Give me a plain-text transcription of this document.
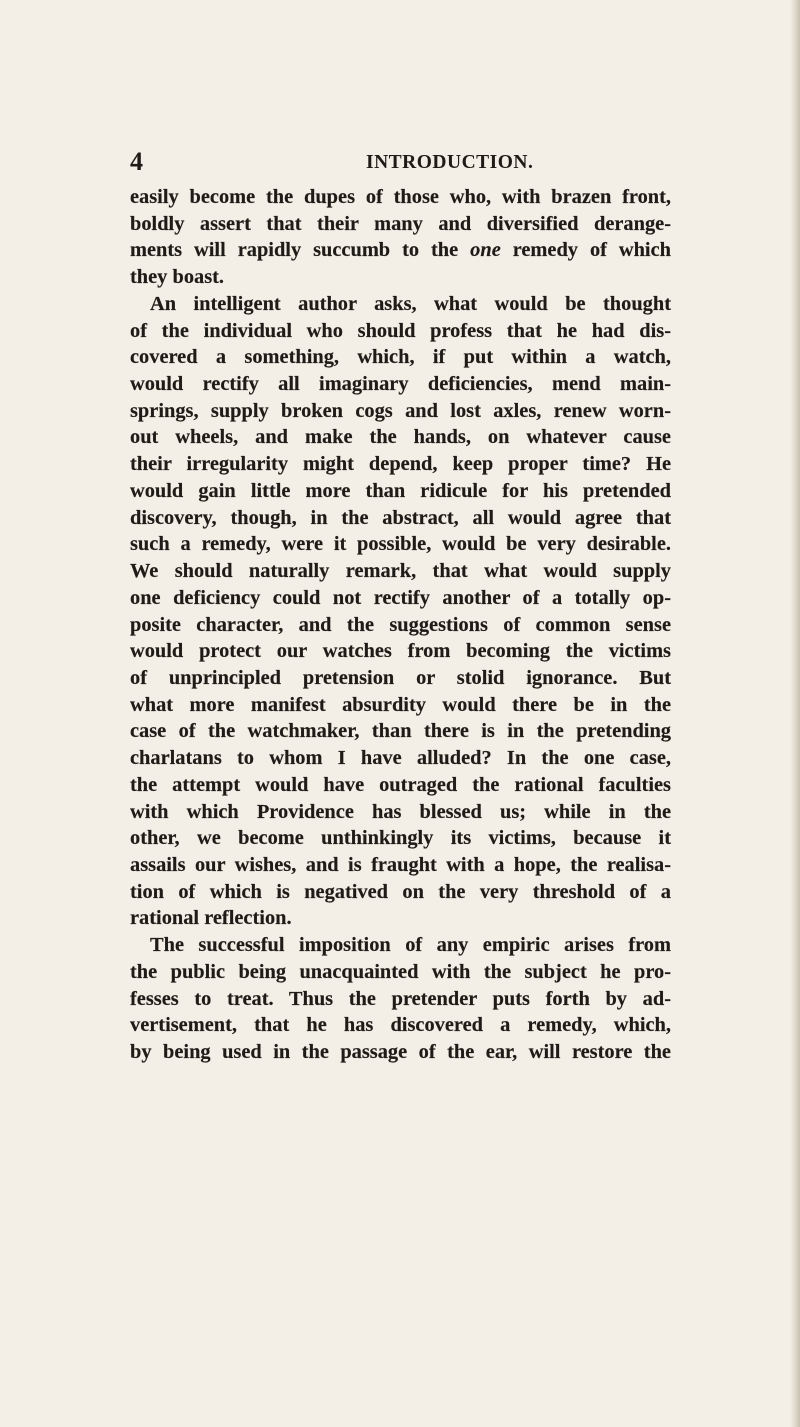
4	INTRODUCTION.
easily become the dupes of those who, with brazen front,
boldly assert that their many and diversified derange-
ments will rapidly succumb to the one remedy of which
they boast.
An intelligent author asks, what would be thought
of the individual who should profess that he had dis-
covered a something, which, if put within a watch,
would rectify all imaginary deficiencies, mend main-
springs, supply broken cogs and lost axles, renew worn-
out wheels, and make the hands, on whatever cause
their irregularity might depend, keep proper time? He
would gain little more than ridicule for his pretended
discovery, though, in the abstract, all would agree that
such a remedy, were it possible, would be very desirable.
We should naturally remark, that what would supply
one deficiency could not rectify another of a totally op-
posite character, and the suggestions of common sense
would protect our watches from becoming the victims
of unprincipled pretension or stolid ignorance. But
what more manifest absurdity would there be in the
case of the watchmaker, than there is in the pretending
charlatans to whom I have alluded? In the one case,
the attempt would have outraged the rational faculties
with which Providence has blessed us; while in the
other, we become unthinkingly its victims, because it
assails our wishes, and is fraught with a hope, the realisa-
tion of which is negatived on the very threshold of a
rational reflection.
The successful imposition of any empiric arises from
the public being unacquainted with the subject he pro-
fesses to treat. Thus the pretender puts forth by ad-
vertisement, that he has discovered a remedy, which,
by being used in the passage of the ear, will restore the
